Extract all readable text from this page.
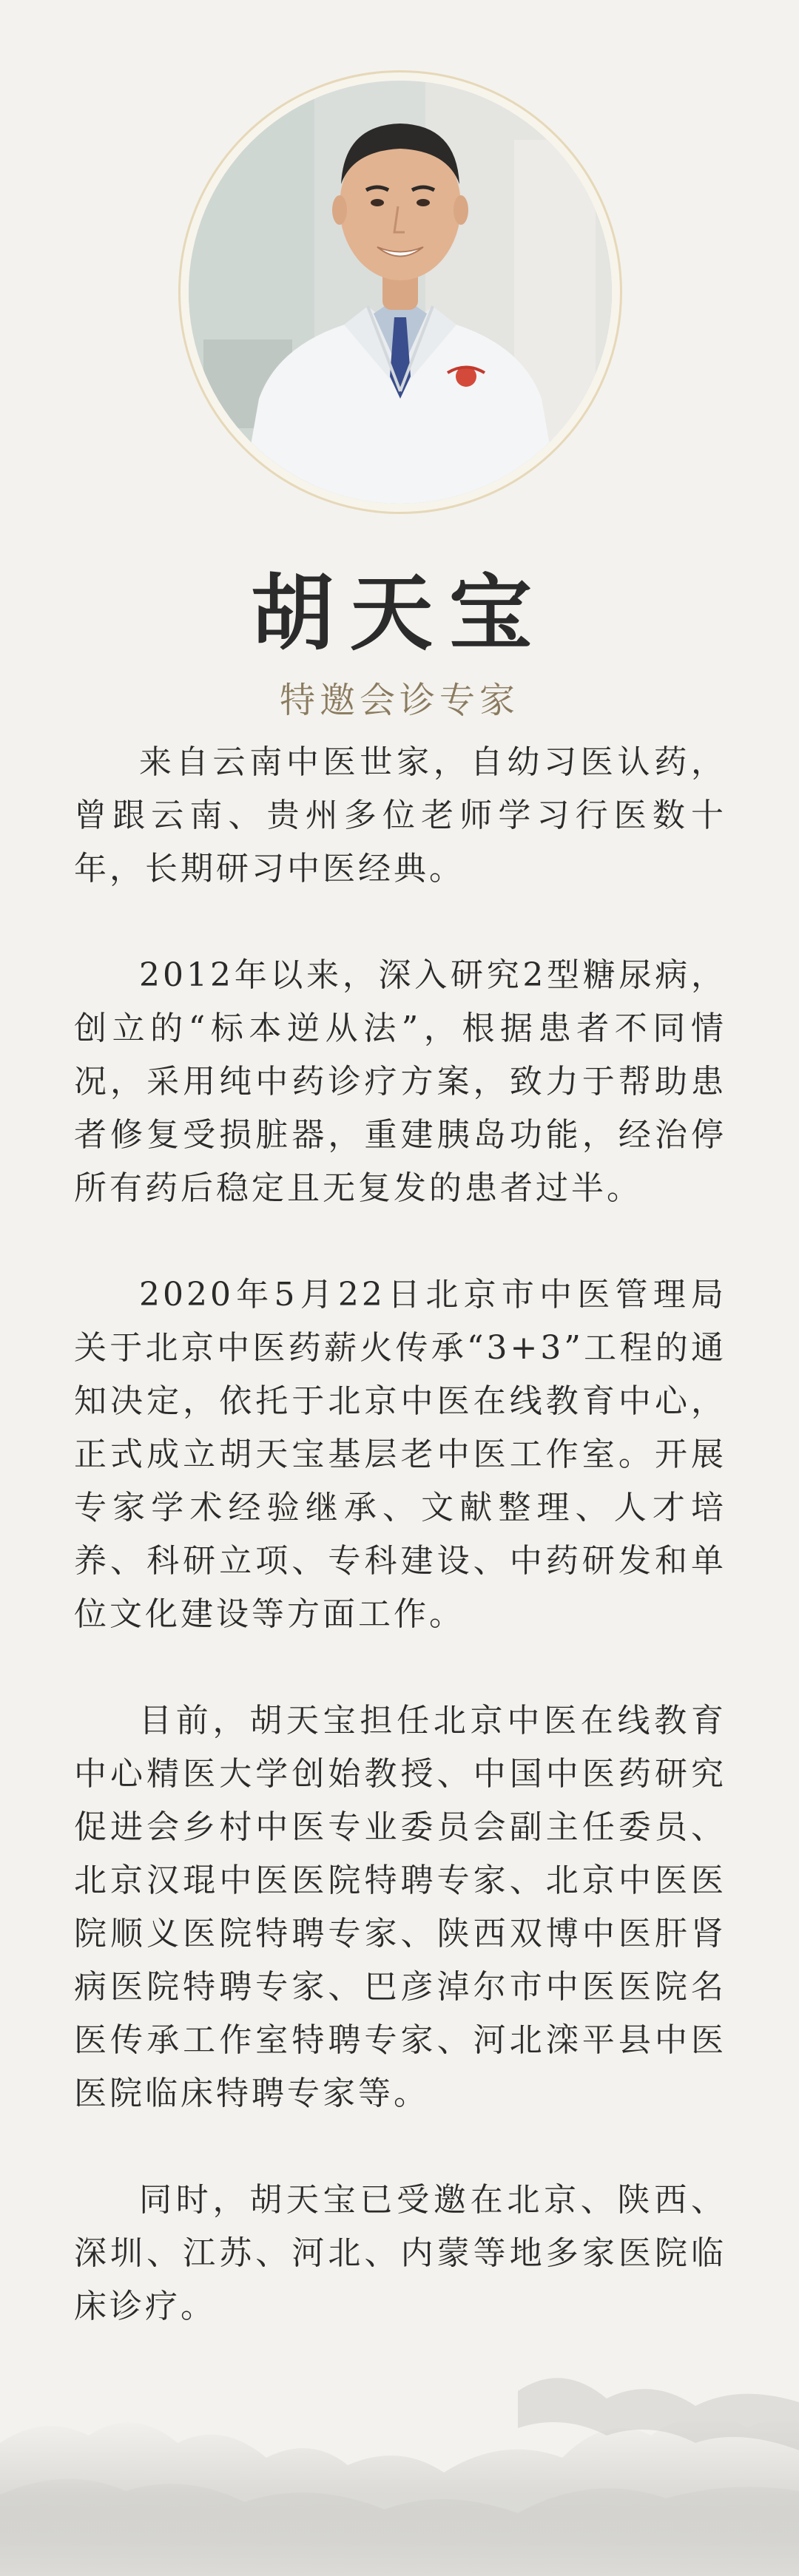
胡天宝
特邀会诊专家

来自云南中医世家，自幼习医认药，曾跟云南、贵州多位老师学习行医数十年，长期研习中医经典。

2012年以来，深入研究2型糖尿病，创立的“标本逆从法”，根据患者不同情况，采用纯中药诊疗方案，致力于帮助患者修复受损脏器，重建胰岛功能，经治停所有药后稳定且无复发的患者过半。

2020年5月22日北京市中医管理局关于北京中医药薪火传承“3+3”工程的通知决定，依托于北京中医在线教育中心，正式成立胡天宝基层老中医工作室。开展专家学术经验继承、文献整理、人才培养、科研立项、专科建设、中药研发和单位文化建设等方面工作。

目前，胡天宝担任北京中医在线教育中心精医大学创始教授、中国中医药研究促进会乡村中医专业委员会副主任委员、北京汉琨中医医院特聘专家、北京中医医院顺义医院特聘专家、陕西双博中医肝肾病医院特聘专家、巴彦淖尔市中医医院名医传承工作室特聘专家、河北滦平县中医医院临床特聘专家等。

同时，胡天宝已受邀在北京、陕西、深圳、江苏、河北、内蒙等地多家医院临床诊疗。
